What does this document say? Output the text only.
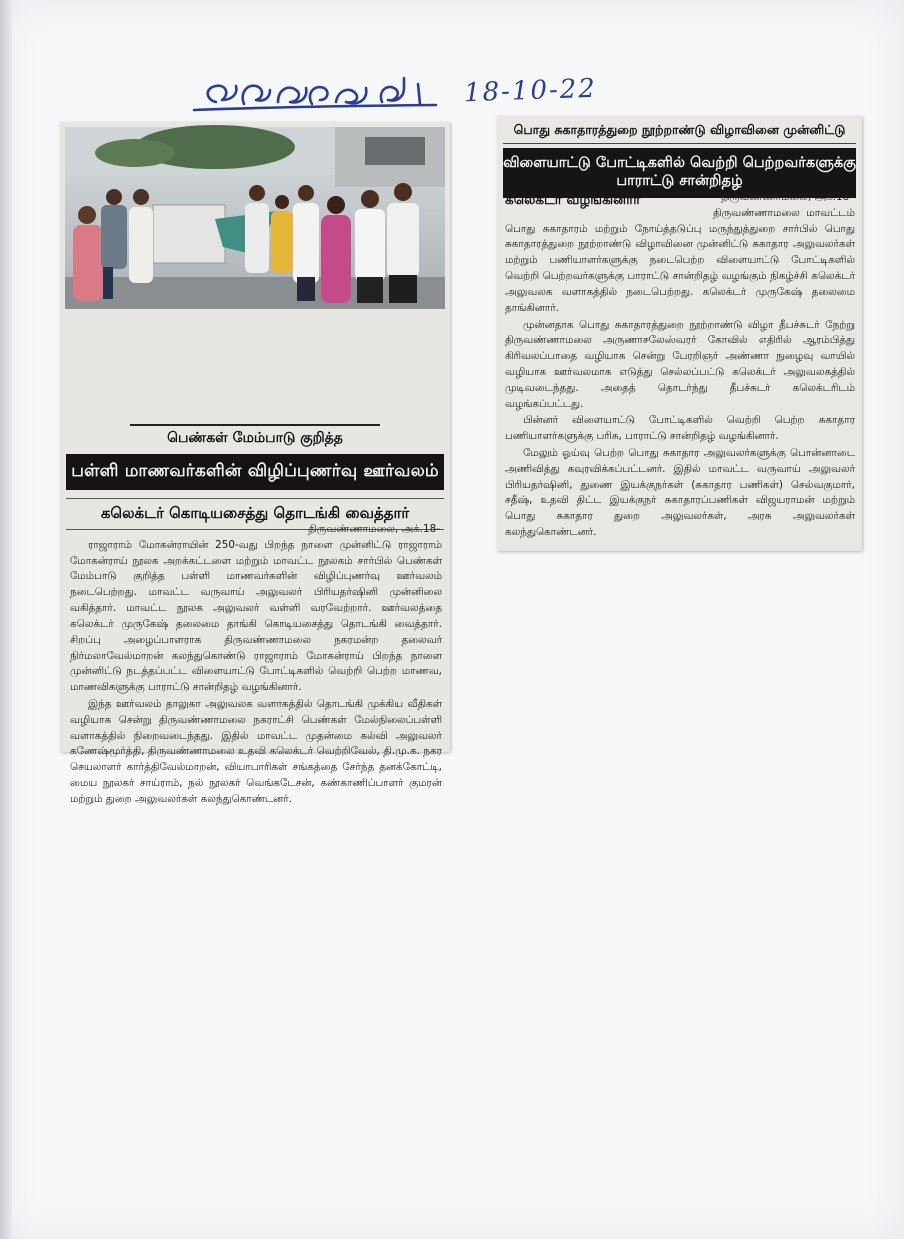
18-10-22
பெண்கள் மேம்பாடு குறித்த
பள்ளி மாணவர்களின் விழிப்புணர்வு ஊர்வலம்
கலெக்டர் கொடியசைத்து தொடங்கி வைத்தார்
திருவண்ணாமலை, அக்.18-

ராஜாராம் மோகன்ராயின் 250-வது பிறந்த நாளை முன்னிட்டு ராஜாராம் மோகன்ராய் நூலக அறக்கட்டளை மற்றும் மாவட்ட நூலகம் சார்பில் பெண்கள் மேம்பாடு குறித்த பள்ளி மாணவர்களின் விழிப்புணர்வு ஊர்வலம் நடைபெற்றது. மாவட்ட வருவாய் அலுவலர் பிரியதர்ஷினி முன்னிலை வகித்தார். மாவட்ட நூலக அலுவலர் வள்ளி வரவேற்றார். ஊர்வலத்தை கலெக்டர் முருகேஷ் தலைமை தாங்கி கொடியசைத்து தொடங்கி வைத்தார். சிறப்பு அழைப்பாளராக திருவண்ணாமலை நகரமன்ற தலைவர் நிர்மலாவேல்மாறன் கலந்துகொண்டு ராஜாராம் மோகன்ராய் பிறந்த நாளை முன்னிட்டு நடத்தப்பட்ட விளையாட்டு போட்டிகளில் வெற்றி பெற்ற மாணவ, மாணவிகளுக்கு பாராட்டு சான்றிதழ் வழங்கினார்.

இந்த ஊர்வலம் தாலுகா அலுவலக வளாகத்தில் தொடங்கி முக்கிய வீதிகள் வழியாக சென்று திருவண்ணாமலை நகராட்சி பெண்கள் மேல்நிலைப்பள்ளி வளாகத்தில் நிறைவடைந்தது. இதில் மாவட்ட முதன்மை கல்வி அலுவலர் கணேஷ்மூர்த்தி, திருவண்ணாமலை உதவி கலெக்டர் வெற்றிவேல், தி.மு.க. நகர செயலாளர் கார்த்திவேல்மாறன், வியாபாரிகள் சங்கத்தை சேர்ந்த தனக்கோட்டி, மைய நூலகர் சாய்ராம், நல் நூலகர் வெங்கடேசன், கண்காணிப்பாளர் குமரன் மற்றும் துறை அலுவலர்கள் கலந்துகொண்டனர்.

பொது சுகாதாரத்துறை நூற்றாண்டு விழாவினை முன்னிட்டு
விளையாட்டு போட்டிகளில் வெற்றி பெற்றவர்களுக்கு பாராட்டு சான்றிதழ்
கலெக்டர் வழங்கினார்	திருவண்ணாமலை, அக்.18-

திருவண்ணாமலை மாவட்டம் பொது சுகாதாரம் மற்றும் நோய்த்தடுப்பு மருந்துத்துறை சார்பில் பொது சுகாதாரத்துறை நூற்றாண்டு விழாவினை முன்னிட்டு சுகாதார அலுவலர்கள் மற்றும் பணியாளர்களுக்கு நடைபெற்ற விளையாட்டு போட்டிகளில் வெற்றி பெற்றவர்களுக்கு பாராட்டு சான்றிதழ் வழங்கும் நிகழ்ச்சி கலெக்டர் அலுவலக வளாகத்தில் நடைபெற்றது. கலெக்டர் முருகேஷ் தலைமை தாங்கினார்.

முன்னதாக பொது சுகாதாரத்துறை நூற்றாண்டு விழா தீபச்சுடர் நேற்று திருவண்ணாமலை அருணாசலேஸ்வரர் கோவில் எதிரில் ஆரம்பித்து கிரிவலப்பாதை வழியாக சென்று பேரறிஞர் அண்ணா நுழைவு வாயில் வழியாக ஊர்வலமாக எடுத்து செல்லப்பட்டு கலெக்டர் அலுவலகத்தில் முடிவடைந்தது. அதைத் தொடர்ந்து தீபச்சுடர் கலெக்டரிடம் வழங்கப்பட்டது.

பின்னர் விளையாட்டு போட்டிகளில் வெற்றி பெற்ற சுகாதார பணியாளர்களுக்கு பரிசு, பாராட்டு சான்றிதழ் வழங்கினார்.

மேலும் ஓய்வு பெற்ற பொது சுகாதார அலுவலர்களுக்கு பொன்னாடை அணிவித்து கவுரவிக்கப்பட்டனர். இதில் மாவட்ட வருவாய் அலுவலர் பிரியதர்ஷினி, துணை இயக்குநர்கள் (சுகாதார பணிகள்) செல்வகுமார், சதீஷ், உதவி திட்ட இயக்குநர் சுகாதாரப்பணிகள் விஜயராமன் மற்றும் பொது சுகாதார துறை அலுவலர்கள், அரசு அலுவலர்கள் கலந்துகொண்டனர்.
